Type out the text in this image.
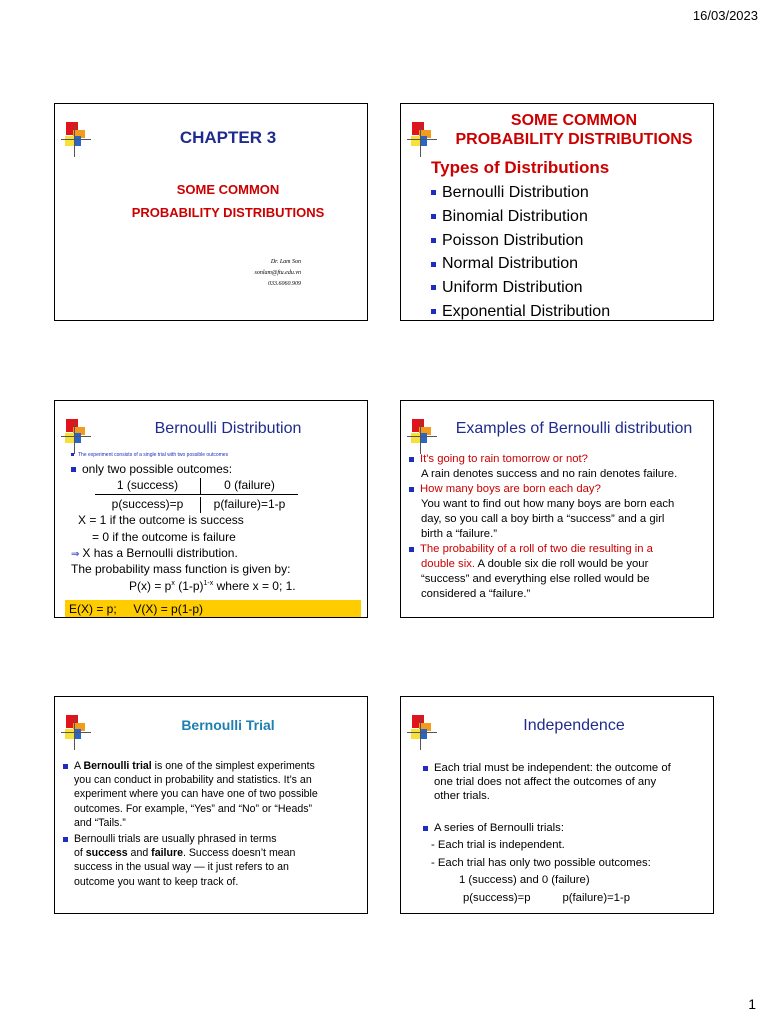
16/03/2023
CHAPTER 3
SOME COMMON
PROBABILITY DISTRIBUTIONS
Dr. Lam Son
sonlam@ftu.edu.vn
033.6060.909
SOME COMMON
PROBABILITY DISTRIBUTIONS
Types of Distributions
Bernoulli Distribution
Binomial Distribution
Poisson Distribution
Normal Distribution
Uniform Distribution
Exponential Distribution
Bernoulli Distribution
The experiment consists of a single trial with two possible outcomes
only two possible outcomes:
1 (success)	0 (failure)
p(success)=p	p(failure)=1-p
X = 1 if the outcome is success
= 0 if the outcome is failure
⇒ X has a Bernoulli distribution.
The probability mass function is given by:
$P(x) = p^x$ $(1-p)^{1-x}$ where x = 0; 1.
E(X) = p;     V(X) = p(1-p)
Examples of Bernoulli distribution
It's going to rain tomorrow or not?
A rain denotes success and no rain denotes failure.
How many boys are born each day?
You want to find out how many boys are born each
day, so you call a boy birth a “success” and a girl
birth a “failure.”
The probability of a roll of two die resulting in a
double six. A double six die roll would be your
“success” and everything else rolled would be
considered a “failure.”
Bernoulli Trial
A Bernoulli trial is one of the simplest experiments
you can conduct in probability and statistics. It’s an
experiment where you can have one of two possible
outcomes. For example, “Yes” and “No” or “Heads”
and “Tails.”
Bernoulli trials are usually phrased in terms
of success and failure. Success doesn’t mean
success in the usual way — it just refers to an
outcome you want to keep track of.
Independence
Each trial must be independent: the outcome of
one trial does not affect the outcomes of any
other trials.
A series of Bernoulli trials:
- Each trial is independent.
- Each trial has only two possible outcomes:
1 (success) and 0 (failure)
p(success)=p	p(failure)=1-p
1
